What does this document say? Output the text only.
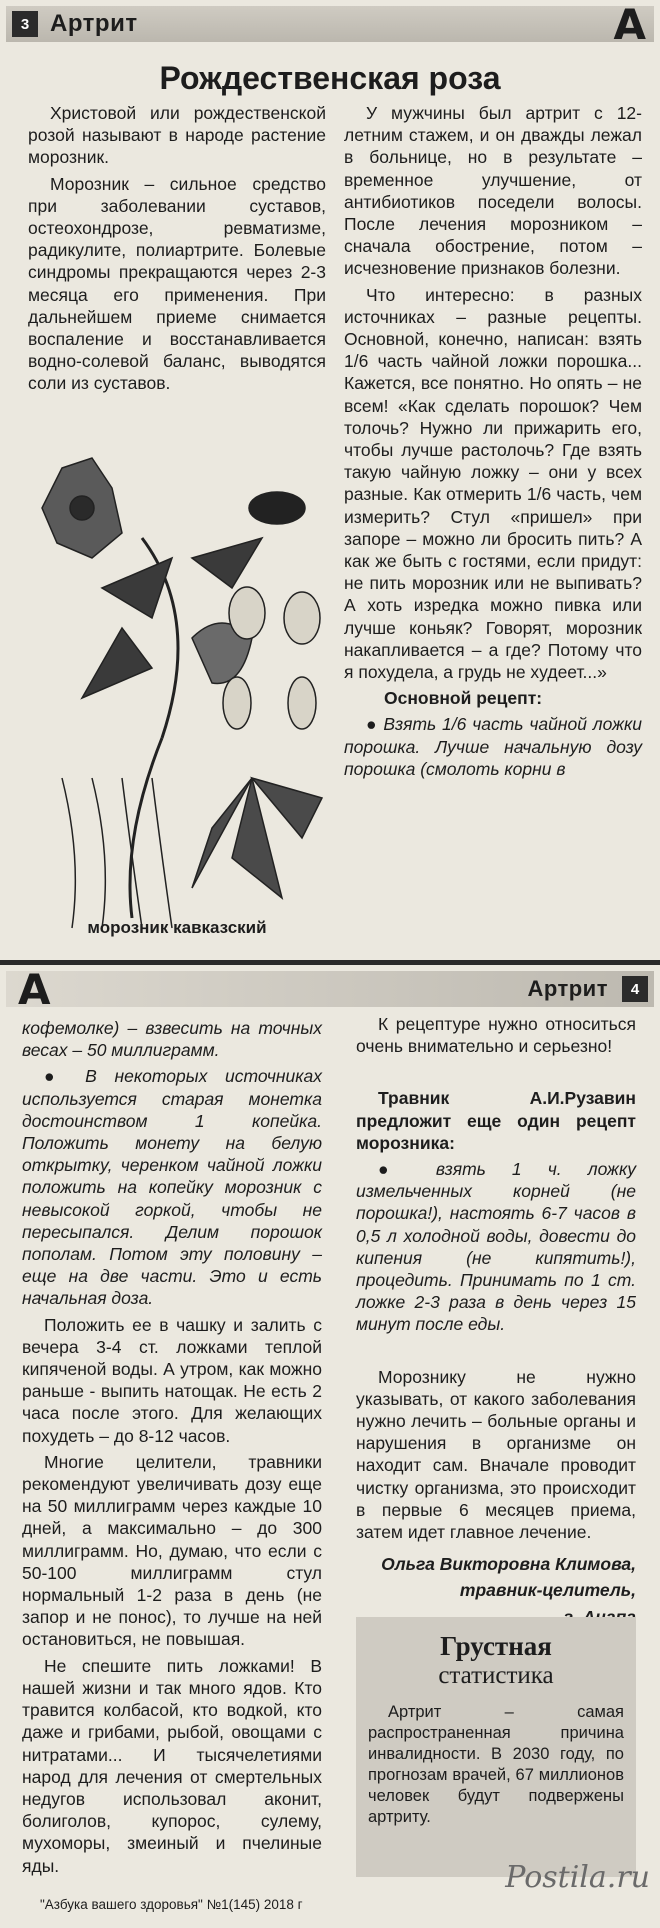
3 Артрит	А
Рождественская роза

Христовой или рождественской розой называют в народе растение морозник.

Морозник – сильное средство при заболевании суставов, остеохондрозе, ревматизме, радикулите, полиартрите. Болевые синдромы прекращаются через 2-3 месяца его применения. При дальнейшем приеме снимается воспаление и восстанавливается водно-солевой баланс, выводятся соли из суставов.

морозник кавказский

У мужчины был артрит с 12-летним стажем, и он дважды лежал в больнице, но в результате – временное улучшение, от антибиотиков поседели волосы. После лечения морозником – сначала обострение, потом – исчезновение признаков болезни.

Что интересно: в разных источниках – разные рецепты. Основной, конечно, написан: взять 1/6 часть чайной ложки порошка... Кажется, все понятно. Но опять – не всем! «Как сделать порошок? Чем толочь? Нужно ли прижарить его, чтобы лучше растолочь? Где взять такую чайную ложку – они у всех разные. Как отмерить 1/6 часть, чем измерить? Стул «пришел» при запоре – можно ли бросить пить? А как же быть с гостями, если придут: не пить морозник или не выпивать? А хоть изредка можно пивка или лучше коньяк? Говорят, морозник накапливается – а где? Потому что я похудела, а грудь не худеет...»

Основной рецепт:

● Взять 1/6 часть чайной ложки порошка. Лучше начальную дозу порошка (смолоть корни в

А	Артрит	4

кофемолке) – взвесить на точных весах – 50 миллиграмм.

● В некоторых источниках используется старая монетка достоинством 1 копейка. Положить монету на белую открытку, черенком чайной ложки положить на копейку морозник с невысокой горкой, чтобы не пересыпался. Делим порошок пополам. Потом эту половину – еще на две части. Это и есть начальная доза.

Положить ее в чашку и залить с вечера 3-4 ст. ложками теплой кипяченой воды. А утром, как можно раньше - выпить натощак. Не есть 2 часа после этого. Для желающих похудеть – до 8-12 часов.

Многие целители, травники рекомендуют увеличивать дозу еще на 50 миллиграмм через каждые 10 дней, а максимально – до 300 миллиграмм. Но, думаю, что если с 50-100 миллиграмм стул нормальный 1-2 раза в день (не запор и не понос), то лучше на ней остановиться, не повышая.

Не спешите пить ложками! В нашей жизни и так много ядов. Кто травится колбасой, кто водкой, кто даже и грибами, рыбой, овощами с нитратами... И тысячелетиями народ для лечения от смертельных недугов использовал аконит, болиголов, купорос, сулему, мухоморы, змеиный и пчелиные яды.

К рецептуре нужно относиться очень внимательно и серьезно!

Травник А.И.Рузавин предложит еще один рецепт морозника:

● взять 1 ч. ложку измельченных корней (не порошка!), настоять 6-7 часов в 0,5 л холодной воды, довести до кипения (не кипятить!), процедить. Принимать по 1 ст. ложке 2-3 раза в день через 15 минут после еды.

Морознику не нужно указывать, от какого заболевания нужно лечить – больные органы и нарушения в организме он находит сам. Вначале проводит чистку организма, это происходит в первые 6 месяцев приема, затем идет главное лечение.

Ольга Викторовна Климова,

травник-целитель,

Грустная
статистика

Артрит – самая распространенная причина инвалидности. В 2030 году, по прогнозам врачей, 67 миллионов человек будут подвержены артриту.

"Азбука вашего здоровья" №1(145) 2018 г
Postila.ru
